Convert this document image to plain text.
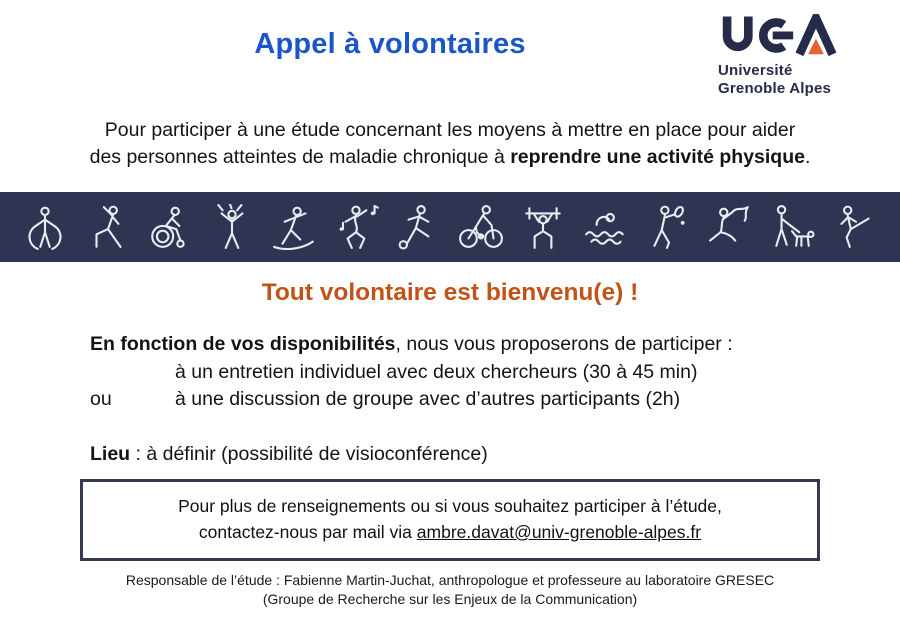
Appel à volontaires
Université
Grenoble Alpes
Pour participer à une étude concernant les moyens à mettre en place pour aider
des personnes atteintes de maladie chronique à reprendre une activité physique.
Tout volontaire est bienvenu(e) !
En fonction de vos disponibilités, nous vous proposerons de participer :
à un entretien individuel avec deux chercheurs (30 à 45 min)
ou	à une discussion de groupe avec d’autres participants (2h)
Lieu : à définir (possibilité de visioconférence)
Pour plus de renseignements ou si vous souhaitez participer à l’étude,
contactez-nous par mail via ambre.davat@univ-grenoble-alpes.fr
Responsable de l’étude : Fabienne Martin-Juchat, anthropologue et professeure au laboratoire GRESEC
(Groupe de Recherche sur les Enjeux de la Communication)
